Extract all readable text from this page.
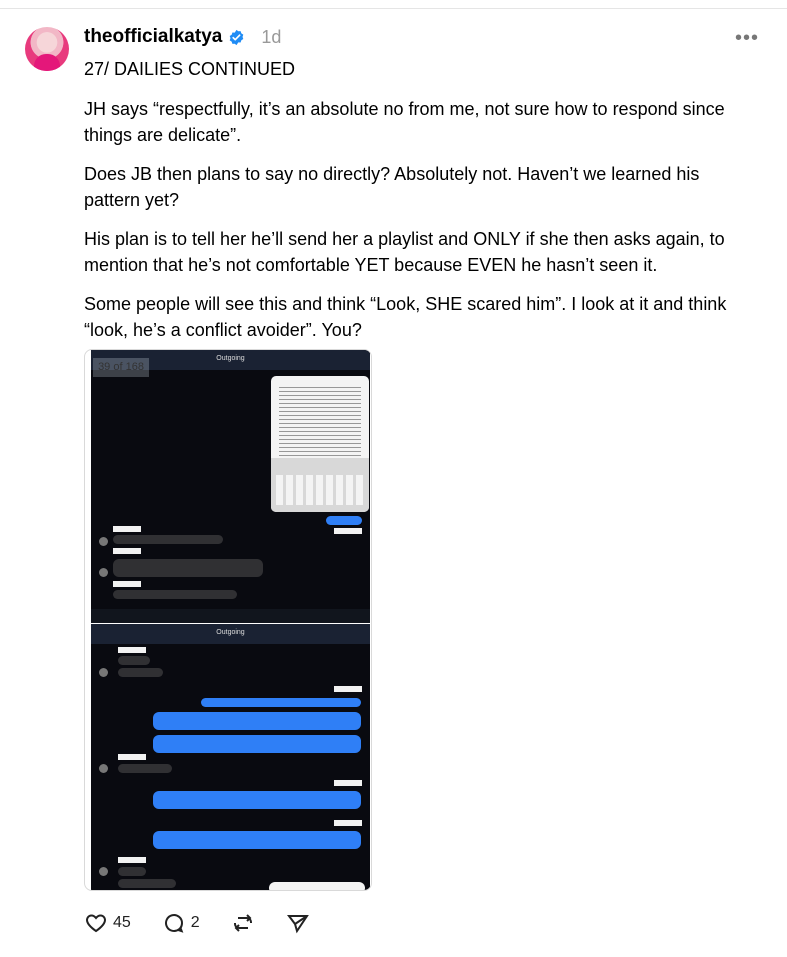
theofficialkatya 1d	•••

27/ DAILIES CONTINUED

JH says “respectfully, it’s an absolute no from me, not sure how to respond since things are delicate”.

Does JB then plans to say no directly? Absolutely not. Haven’t we learned his pattern yet?

His plan is to tell her he’ll send her a playlist and ONLY if she then asks again, to mention that he’s not comfortable YET because EVEN he hasn’t seen it.

Some people will see this and think “Look, SHE scared him”. I look at it and think “look, he’s a conflict avoider”. You?

Outgoing
39 of 168
Outgoing
45	2
